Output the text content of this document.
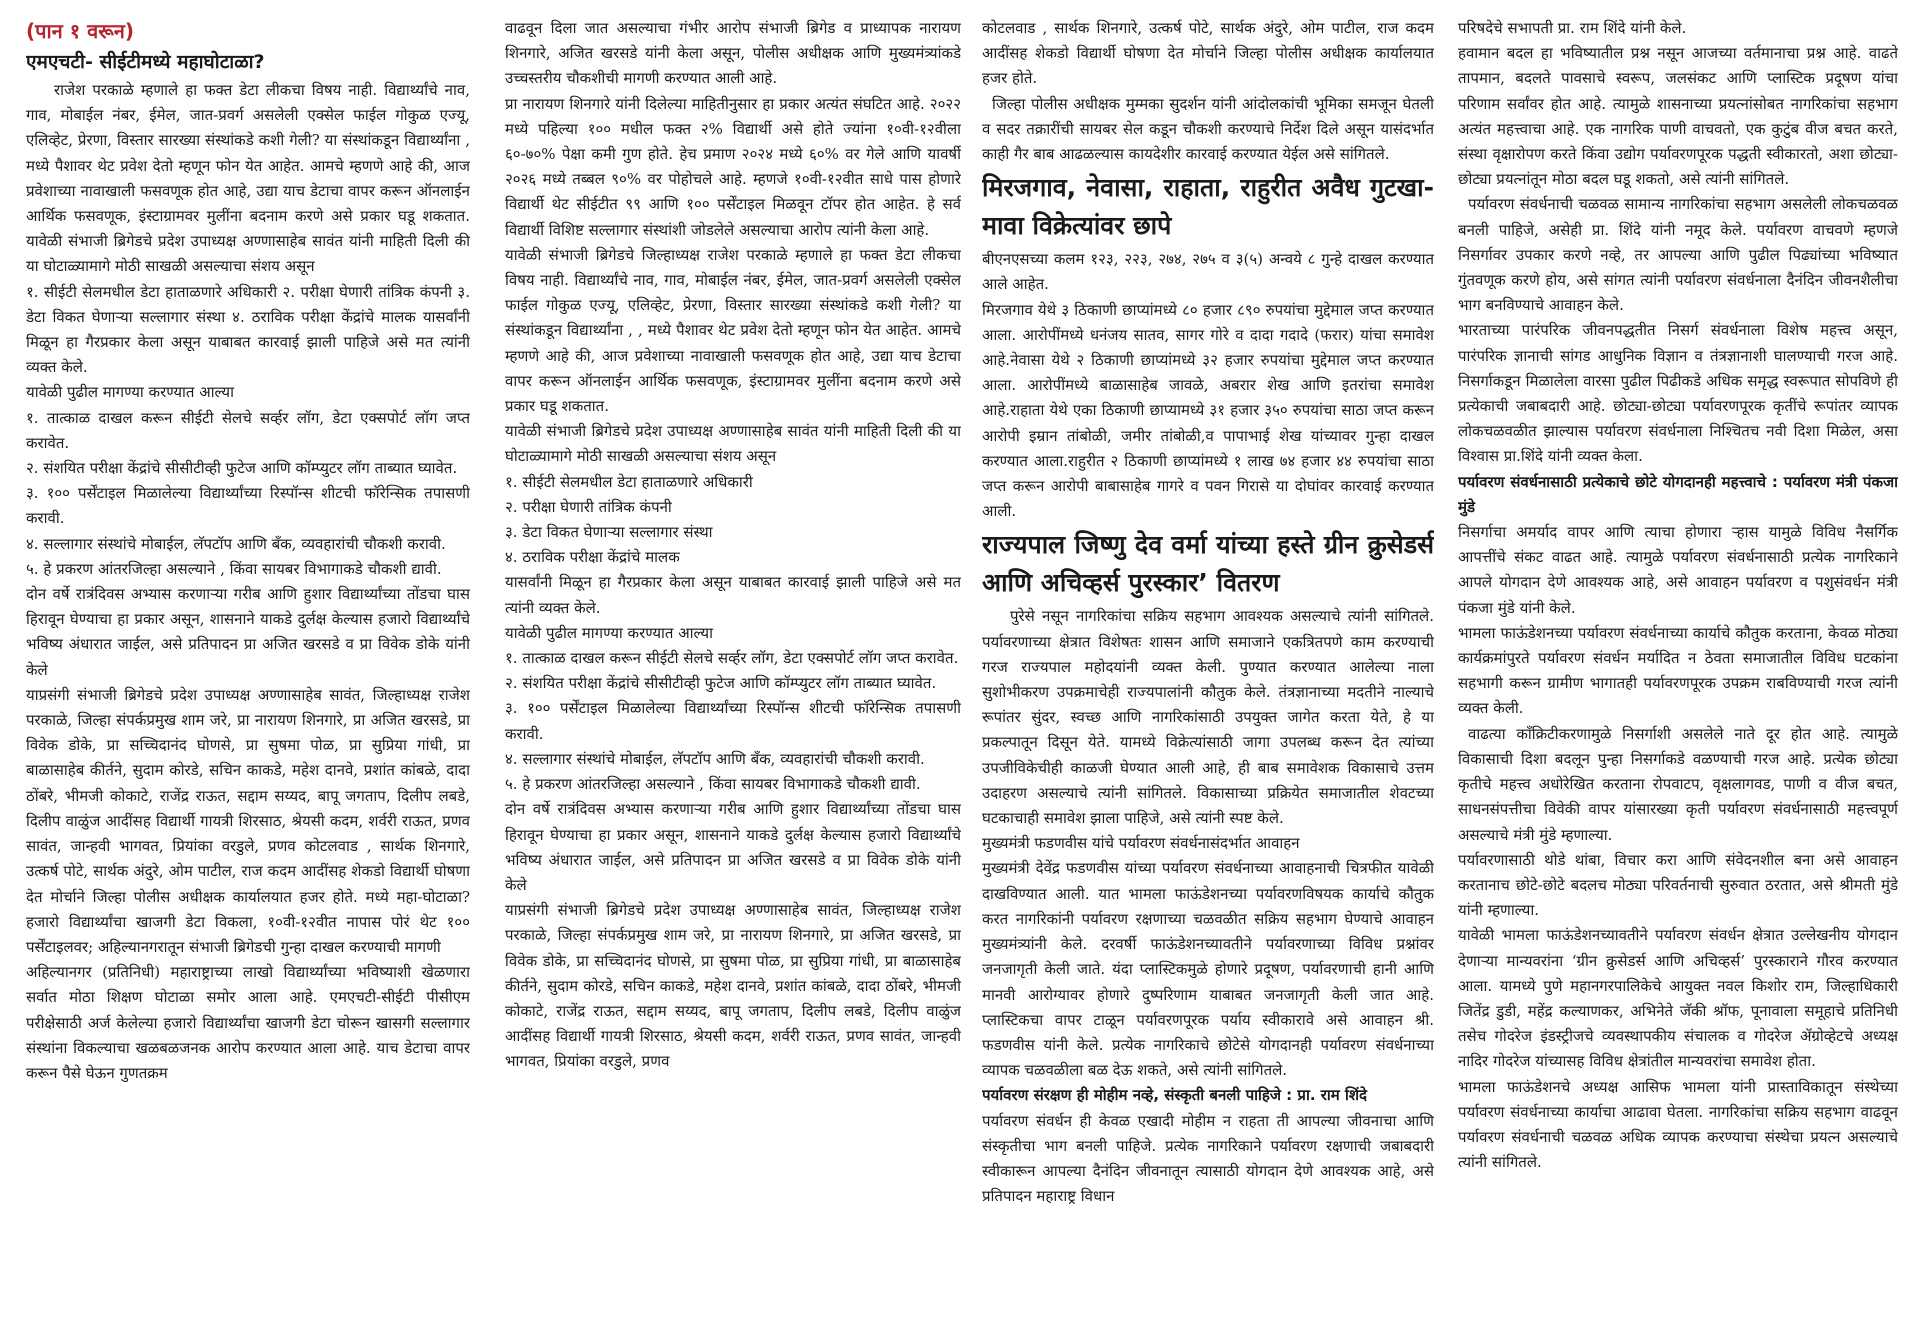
(पान १ वरून)
एमएचटी- सीईटीमध्ये महाघोटाळा?

राजेश परकाळे म्हणाले हा फक्त डेटा लीकचा विषय नाही. विद्यार्थ्यांचे नाव, गाव, मोबाईल नंबर, ईमेल, जात-प्रवर्ग असलेली एक्सेल फाईल गोकुळ एज्यू, एलिव्हेट, प्रेरणा, विस्तार सारख्या संस्थांकडे कशी गेली? या संस्थांकडून विद्यार्थ्यांना , मध्ये पैशावर थेट प्रवेश देतो म्हणून फोन येत आहेत. आमचे म्हणणे आहे की, आज प्रवेशाच्या नावाखाली फसवणूक होत आहे, उद्या याच डेटाचा वापर करून ऑनलाईन आर्थिक फसवणूक, इंस्टाग्रामवर मुलींना बदनाम करणे असे प्रकार घडू शकतात. यावेळी संभाजी ब्रिगेडचे प्रदेश उपाध्यक्ष अण्णासाहेब सावंत यांनी माहिती दिली की या घोटाळ्यामागे मोठी साखळी असल्याचा संशय असून

१. सीईटी सेलमधील डेटा हाताळणारे अधिकारी २. परीक्षा घेणारी तांत्रिक कंपनी ३. डेटा विकत घेणाऱ्या सल्लागार संस्था ४. ठराविक परीक्षा केंद्रांचे मालक यासर्वांनी मिळून हा गैरप्रकार केला असून याबाबत कारवाई झाली पाहिजे असे मत त्यांनी व्यक्त केले.

यावेळी पुढील मागण्या करण्यात आल्या

१. तात्काळ दाखल करून सीईटी सेलचे सर्व्हर लॉग, डेटा एक्सपोर्ट लॉग जप्त करावेत.

२. संशयित परीक्षा केंद्रांचे सीसीटीव्ही फुटेज आणि कॉम्प्युटर लॉग ताब्यात घ्यावेत.

३. १०० पर्सेंटाइल मिळालेल्या विद्यार्थ्यांच्या रिस्पॉन्स शीटची फॉरेन्सिक तपासणी करावी.

४. सल्लागार संस्थांचे मोबाईल, लॅपटॉप आणि बँक, व्यवहारांची चौकशी करावी.

५. हे प्रकरण आंतरजिल्हा असल्याने , किंवा सायबर विभागाकडे चौकशी द्यावी.

दोन वर्षे रात्रंदिवस अभ्यास करणाऱ्या गरीब आणि हुशार विद्यार्थ्यांच्या तोंडचा घास हिरावून घेण्याचा हा प्रकार असून, शासनाने याकडे दुर्लक्ष केल्यास हजारो विद्यार्थ्यांचे भविष्य अंधारात जाईल, असे प्रतिपादन प्रा अजित खरसडे व प्रा विवेक डोके यांनी केले

याप्रसंगी संभाजी ब्रिगेडचे प्रदेश उपाध्यक्ष अण्णासाहेब सावंत, जिल्हाध्यक्ष राजेश परकाळे, जिल्हा संपर्कप्रमुख शाम जरे, प्रा नारायण शिनगारे, प्रा अजित खरसडे, प्रा विवेक डोके, प्रा सच्चिदानंद घोणसे, प्रा सुषमा पोळ, प्रा सुप्रिया गांधी, प्रा बाळासाहेब कीर्तने, सुदाम कोरडे, सचिन काकडे, महेश दानवे, प्रशांत कांबळे, दादा ठोंबरे, भीमजी कोकाटे, राजेंद्र राऊत, सद्दाम सय्यद, बापू जगताप, दिलीप लबडे, दिलीप वाळुंज आदींसह विद्यार्थी गायत्री शिरसाठ, श्रेयसी कदम, शर्वरी राऊत, प्रणव सावंत, जान्हवी भागवत, प्रियांका वरडुले, प्रणव कोटलवाड , सार्थक शिनगारे, उत्कर्ष पोटे, सार्थक अंदुरे, ओम पाटील, राज कदम आदींसह शेकडो विद्यार्थी घोषणा देत मोर्चाने जिल्हा पोलीस अधीक्षक कार्यालयात हजर होते. मध्ये महा-घोटाळा? हजारो विद्यार्थ्यांचा खाजगी डेटा विकला, १०वी-१२वीत नापास पोरं थेट १०० पर्सेंटाइलवर; अहिल्यानगरातून संभाजी ब्रिगेडची गुन्हा दाखल करण्याची मागणी

अहिल्यानगर (प्रतिनिधी) महाराष्ट्राच्या लाखो विद्यार्थ्यांच्या भविष्याशी खेळणारा सर्वात मोठा शिक्षण घोटाळा समोर आला आहे. एमएचटी-सीईटी पीसीएम परीक्षेसाठी अर्ज केलेल्या हजारो विद्यार्थ्यांचा खाजगी डेटा चोरून खासगी सल्लागार संस्थांना विकल्याचा खळबळजनक आरोप करण्यात आला आहे. याच डेटाचा वापर करून पैसे घेऊन गुणतक्रम

वाढवून दिला जात असल्याचा गंभीर आरोप संभाजी ब्रिगेड व प्राध्यापक नारायण शिनगारे, अजित खरसडे यांनी केला असून, पोलीस अधीक्षक आणि मुख्यमंत्र्यांकडे उच्चस्तरीय चौकशीची मागणी करण्यात आली आहे.

प्रा नारायण शिनगारे यांनी दिलेल्या माहितीनुसार हा प्रकार अत्यंत संघटित आहे. २०२२ मध्ये पहिल्या १०० मधील फक्त २% विद्यार्थी असे होते ज्यांना १०वी-१२वीला ६०-७०% पेक्षा कमी गुण होते. हेच प्रमाण २०२४ मध्ये ६०% वर गेले आणि यावर्षी २०२६ मध्ये तब्बल ९०% वर पोहोचले आहे. म्हणजे १०वी-१२वीत साधे पास होणारे विद्यार्थी थेट सीईटीत ९९ आणि १०० पर्सेंटाइल मिळवून टॉपर होत आहेत. हे सर्व विद्यार्थी विशिष्ट सल्लागार संस्थांशी जोडलेले असल्याचा आरोप त्यांनी केला आहे.

यावेळी संभाजी ब्रिगेडचे जिल्हाध्यक्ष राजेश परकाळे म्हणाले हा फक्त डेटा लीकचा विषय नाही. विद्यार्थ्यांचे नाव, गाव, मोबाईल नंबर, ईमेल, जात-प्रवर्ग असलेली एक्सेल फाईल गोकुळ एज्यू, एलिव्हेट, प्रेरणा, विस्तार सारख्या संस्थांकडे कशी गेली? या संस्थांकडून विद्यार्थ्यांना , , मध्ये पैशावर थेट प्रवेश देतो म्हणून फोन येत आहेत. आमचे म्हणणे आहे की, आज प्रवेशाच्या नावाखाली फसवणूक होत आहे, उद्या याच डेटाचा वापर करून ऑनलाईन आर्थिक फसवणूक, इंस्टाग्रामवर मुलींना बदनाम करणे असे प्रकार घडू शकतात.

यावेळी संभाजी ब्रिगेडचे प्रदेश उपाध्यक्ष अण्णासाहेब सावंत यांनी माहिती दिली की या घोटाळ्यामागे मोठी साखळी असल्याचा संशय असून

१. सीईटी सेलमधील डेटा हाताळणारे अधिकारी

२. परीक्षा घेणारी तांत्रिक कंपनी

३. डेटा विकत घेणाऱ्या सल्लागार संस्था

४. ठराविक परीक्षा केंद्रांचे मालक

यासर्वांनी मिळून हा गैरप्रकार केला असून याबाबत कारवाई झाली पाहिजे असे मत त्यांनी व्यक्त केले.

यावेळी पुढील मागण्या करण्यात आल्या

१. तात्काळ दाखल करून सीईटी सेलचे सर्व्हर लॉग, डेटा एक्सपोर्ट लॉग जप्त करावेत.

२. संशयित परीक्षा केंद्रांचे सीसीटीव्ही फुटेज आणि कॉम्प्युटर लॉग ताब्यात घ्यावेत.

३. १०० पर्सेंटाइल मिळालेल्या विद्यार्थ्यांच्या रिस्पॉन्स शीटची फॉरेन्सिक तपासणी करावी.

४. सल्लागार संस्थांचे मोबाईल, लॅपटॉप आणि बँक, व्यवहारांची चौकशी करावी.

५. हे प्रकरण आंतरजिल्हा असल्याने , किंवा सायबर विभागाकडे चौकशी द्यावी.

दोन वर्षे रात्रंदिवस अभ्यास करणाऱ्या गरीब आणि हुशार विद्यार्थ्यांच्या तोंडचा घास हिरावून घेण्याचा हा प्रकार असून, शासनाने याकडे दुर्लक्ष केल्यास हजारो विद्यार्थ्यांचे भविष्य अंधारात जाईल, असे प्रतिपादन प्रा अजित खरसडे व प्रा विवेक डोके यांनी केले

याप्रसंगी संभाजी ब्रिगेडचे प्रदेश उपाध्यक्ष अण्णासाहेब सावंत, जिल्हाध्यक्ष राजेश परकाळे, जिल्हा संपर्कप्रमुख शाम जरे, प्रा नारायण शिनगारे, प्रा अजित खरसडे, प्रा विवेक डोके, प्रा सच्चिदानंद घोणसे, प्रा सुषमा पोळ, प्रा सुप्रिया गांधी, प्रा बाळासाहेब कीर्तने, सुदाम कोरडे, सचिन काकडे, महेश दानवे, प्रशांत कांबळे, दादा ठोंबरे, भीमजी कोकाटे, राजेंद्र राऊत, सद्दाम सय्यद, बापू जगताप, दिलीप लबडे, दिलीप वाळुंज आदींसह विद्यार्थी गायत्री शिरसाठ, श्रेयसी कदम, शर्वरी राऊत, प्रणव सावंत, जान्हवी भागवत, प्रियांका वरडुले, प्रणव

कोटलवाड , सार्थक शिनगारे, उत्कर्ष पोटे, सार्थक अंदुरे, ओम पाटील, राज कदम आदींसह शेकडो विद्यार्थी घोषणा देत मोर्चाने जिल्हा पोलीस अधीक्षक कार्यालयात हजर होते.

जिल्हा पोलीस अधीक्षक मुम्मका सुदर्शन यांनी आंदोलकांची भूमिका समजून घेतली व सदर तक्रारींची सायबर सेल कडून चौकशी करण्याचे निर्देश दिले असून यासंदर्भात काही गैर बाब आढळल्यास कायदेशीर कारवाई करण्यात येईल असे सांगितले.

मिरजगाव, नेवासा, राहाता, राहुरीत अवैध गुटखा-मावा विक्रेत्यांवर छापे

बीएनएसच्या कलम १२३, २२३, २७४, २७५ व ३(५) अन्वये ८ गुन्हे दाखल करण्यात आले आहेत.

मिरजगाव येथे ३ ठिकाणी छाप्यांमध्ये ८० हजार ८९० रुपयांचा मुद्देमाल जप्त करण्यात आला. आरोपींमध्ये धनंजय सातव, सागर गोरे व दादा गदादे (फरार) यांचा समावेश आहे.नेवासा येथे २ ठिकाणी छाप्यांमध्ये ३२ हजार रुपयांचा मुद्देमाल जप्त करण्यात आला. आरोपींमध्ये बाळासाहेब जावळे, अबरार शेख आणि इतरांचा समावेश आहे.राहाता येथे एका ठिकाणी छाप्यामध्ये ३१ हजार ३५० रुपयांचा साठा जप्त करून आरोपी इम्रान तांबोळी, जमीर तांबोळी,व पापाभाई शेख यांच्यावर गुन्हा दाखल करण्यात आला.राहुरीत २ ठिकाणी छाप्यांमध्ये १ लाख ७४ हजार ४४ रुपयांचा साठा जप्त करून आरोपी बाबासाहेब गागरे व पवन गिरासे या दोघांवर कारवाई करण्यात आली.

राज्यपाल जिष्णु देव वर्मा यांच्या हस्ते ग्रीन क्रुसेडर्स आणि अचिव्हर्स पुरस्कार’ वितरण

पुरेसे नसून नागरिकांचा सक्रिय सहभाग आवश्यक असल्याचे त्यांनी सांगितले. पर्यावरणाच्या क्षेत्रात विशेषतः शासन आणि समाजाने एकत्रितपणे काम करण्याची गरज राज्यपाल महोदयांनी व्यक्त केली. पुण्यात करण्यात आलेल्या नाला सुशोभीकरण उपक्रमाचेही राज्यपालांनी कौतुक केले. तंत्रज्ञानाच्या मदतीने नाल्याचे रूपांतर सुंदर, स्वच्छ आणि नागरिकांसाठी उपयुक्त जागेत करता येते, हे या प्रकल्पातून दिसून येते. यामध्ये विक्रेत्यांसाठी जागा उपलब्ध करून देत त्यांच्या उपजीविकेचीही काळजी घेण्यात आली आहे, ही बाब समावेशक विकासाचे उत्तम उदाहरण असल्याचे त्यांनी सांगितले. विकासाच्या प्रक्रियेत समाजातील शेवटच्या घटकाचाही समावेश झाला पाहिजे, असे त्यांनी स्पष्ट केले.

मुख्यमंत्री फडणवीस यांचे पर्यावरण संवर्धनासंदर्भात आवाहन

मुख्यमंत्री देवेंद्र फडणवीस यांच्या पर्यावरण संवर्धनाच्या आवाहनाची चित्रफीत यावेळी दाखविण्यात आली. यात भामला फाऊंडेशनच्या पर्यावरणविषयक कार्याचे कौतुक करत नागरिकांनी पर्यावरण रक्षणाच्या चळवळीत सक्रिय सहभाग घेण्याचे आवाहन मुख्यमंत्र्यांनी केले. दरवर्षी फाऊंडेशनच्यावतीने पर्यावरणाच्या विविध प्रश्नांवर जनजागृती केली जाते. यंदा प्लास्टिकमुळे होणारे प्रदूषण, पर्यावरणाची हानी आणि मानवी आरोग्यावर होणारे दुष्परिणाम याबाबत जनजागृती केली जात आहे. प्लास्टिकचा वापर टाळून पर्यावरणपूरक पर्याय स्वीकारावे असे आवाहन श्री. फडणवीस यांनी केले. प्रत्येक नागरिकाचे छोटेसे योगदानही पर्यावरण संवर्धनाच्या व्यापक चळवळीला बळ देऊ शकते, असे त्यांनी सांगितले.

पर्यावरण संरक्षण ही मोहीम नव्हे, संस्कृती बनली पाहिजे : प्रा. राम शिंदे

पर्यावरण संवर्धन ही केवळ एखादी मोहीम न राहता ती आपल्या जीवनाचा आणि संस्कृतीचा भाग बनली पाहिजे. प्रत्येक नागरिकाने पर्यावरण रक्षणाची जबाबदारी स्वीकारून आपल्या दैनंदिन जीवनातून त्यासाठी योगदान देणे आवश्यक आहे, असे प्रतिपादन महाराष्ट्र विधान

परिषदेचे सभापती प्रा. राम शिंदे यांनी केले.

हवामान बदल हा भविष्यातील प्रश्न नसून आजच्या वर्तमानाचा प्रश्न आहे. वाढते तापमान, बदलते पावसाचे स्वरूप, जलसंकट आणि प्लास्टिक प्रदूषण यांचा परिणाम सर्वांवर होत आहे. त्यामुळे शासनाच्या प्रयत्नांसोबत नागरिकांचा सहभाग अत्यंत महत्त्वाचा आहे. एक नागरिक पाणी वाचवतो, एक कुटुंब वीज बचत करते, संस्था वृक्षारोपण करते किंवा उद्योग पर्यावरणपूरक पद्धती स्वीकारतो, अशा छोट्या-छोट्या प्रयत्नांतून मोठा बदल घडू शकतो, असे त्यांनी सांगितले.

पर्यावरण संवर्धनाची चळवळ सामान्य नागरिकांचा सहभाग असलेली लोकचळवळ बनली पाहिजे, असेही प्रा. शिंदे यांनी नमूद केले. पर्यावरण वाचवणे म्हणजे निसर्गावर उपकार करणे नव्हे, तर आपल्या आणि पुढील पिढ्यांच्या भविष्यात गुंतवणूक करणे होय, असे सांगत त्यांनी पर्यावरण संवर्धनाला दैनंदिन जीवनशैलीचा भाग बनविण्याचे आवाहन केले.

भारताच्या पारंपरिक जीवनपद्धतीत निसर्ग संवर्धनाला विशेष महत्त्व असून, पारंपरिक ज्ञानाची सांगड आधुनिक विज्ञान व तंत्रज्ञानाशी घालण्याची गरज आहे. निसर्गाकडून मिळालेला वारसा पुढील पिढीकडे अधिक समृद्ध स्वरूपात सोपविणे ही प्रत्येकाची जबाबदारी आहे. छोट्या-छोट्या पर्यावरणपूरक कृतींचे रूपांतर व्यापक लोकचळवळीत झाल्यास पर्यावरण संवर्धनाला निश्चितच नवी दिशा मिळेल, असा विश्वास प्रा.शिंदे यांनी व्यक्त केला.

पर्यावरण संवर्धनासाठी प्रत्येकाचे छोटे योगदानही महत्त्वाचे : पर्यावरण मंत्री पंकजा मुंडे

निसर्गाचा अमर्याद वापर आणि त्याचा होणारा ऱ्हास यामुळे विविध नैसर्गिक आपत्तींचे संकट वाढत आहे. त्यामुळे पर्यावरण संवर्धनासाठी प्रत्येक नागरिकाने आपले योगदान देणे आवश्यक आहे, असे आवाहन पर्यावरण व पशुसंवर्धन मंत्री पंकजा मुंडे यांनी केले.

भामला फाऊंडेशनच्या पर्यावरण संवर्धनाच्या कार्याचे कौतुक करताना, केवळ मोठ्या कार्यक्रमांपुरते पर्यावरण संवर्धन मर्यादित न ठेवता समाजातील विविध घटकांना सहभागी करून ग्रामीण भागातही पर्यावरणपूरक उपक्रम राबविण्याची गरज त्यांनी व्यक्त केली.

वाढत्या काँक्रिटीकरणामुळे निसर्गाशी असलेले नाते दूर होत आहे. त्यामुळे विकासाची दिशा बदलून पुन्हा निसर्गाकडे वळण्याची गरज आहे. प्रत्येक छोट्या कृतीचे महत्त्व अधोरेखित करताना रोपवाटप, वृक्षलागवड, पाणी व वीज बचत, साधनसंपत्तीचा विवेकी वापर यांसारख्या कृती पर्यावरण संवर्धनासाठी महत्त्वपूर्ण असल्याचे मंत्री मुंडे म्हणाल्या.

पर्यावरणासाठी थोडे थांबा, विचार करा आणि संवेदनशील बना असे आवाहन करतानाच छोटे-छोटे बदलच मोठ्या परिवर्तनाची सुरुवात ठरतात, असे श्रीमती मुंडे यांनी म्हणाल्या.

यावेळी भामला फाऊंडेशनच्यावतीने पर्यावरण संवर्धन क्षेत्रात उल्लेखनीय योगदान देणाऱ्या मान्यवरांना ‘ग्रीन क्रुसेडर्स आणि अचिव्हर्स’ पुरस्काराने गौरव करण्यात आला. यामध्ये पुणे महानगरपालिकेचे आयुक्त नवल किशोर राम, जिल्हाधिकारी जितेंद्र डुडी, महेंद्र कल्याणकर, अभिनेते जॅकी श्रॉफ, पूनावाला समूहाचे प्रतिनिधी तसेच गोदरेज इंडस्ट्रीजचे व्यवस्थापकीय संचालक व गोदरेज ॲग्रोव्हेटचे अध्यक्ष नादिर गोदरेज यांच्यासह विविध क्षेत्रांतील मान्यवरांचा समावेश होता.

भामला फाऊंडेशनचे अध्यक्ष आसिफ भामला यांनी प्रास्ताविकातून संस्थेच्या पर्यावरण संवर्धनाच्या कार्याचा आढावा घेतला. नागरिकांचा सक्रिय सहभाग वाढवून पर्यावरण संवर्धनाची चळवळ अधिक व्यापक करण्याचा संस्थेचा प्रयत्न असल्याचे त्यांनी सांगितले.
